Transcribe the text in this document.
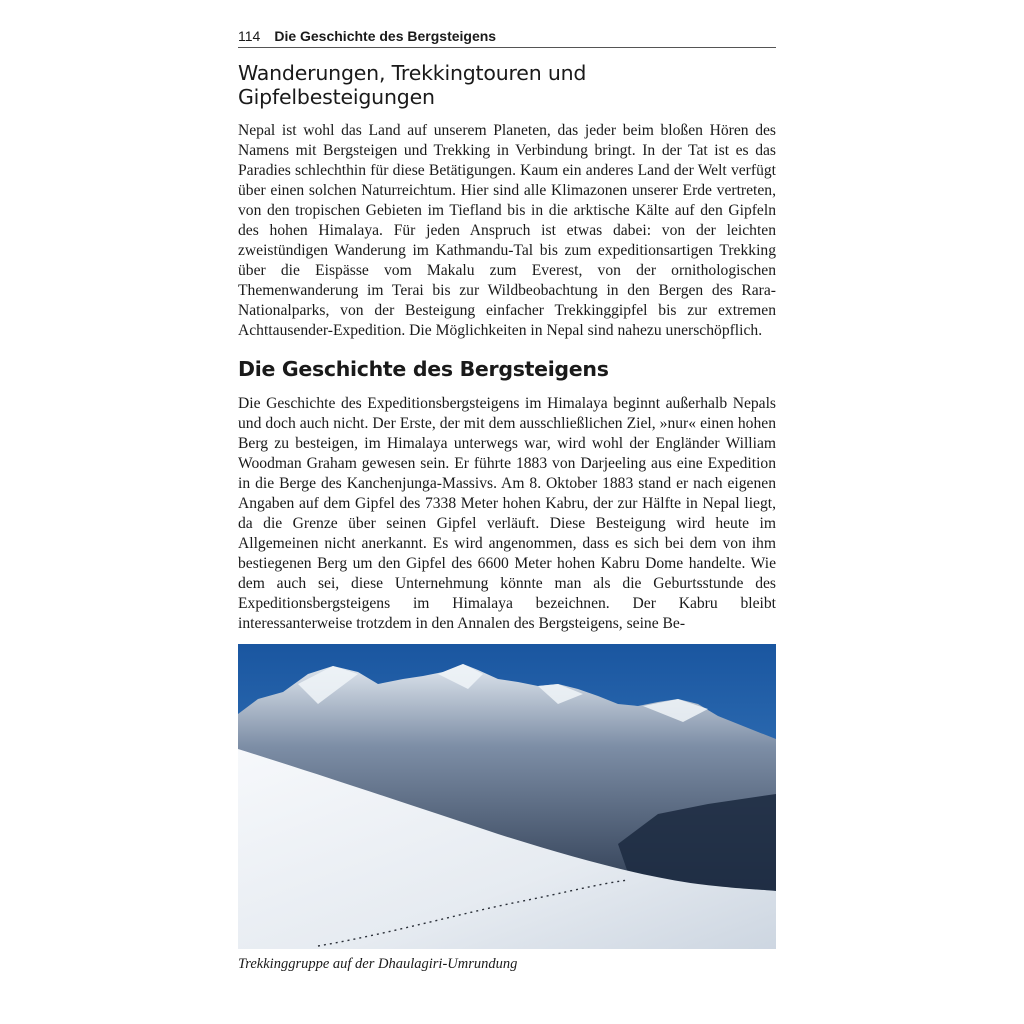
114 Die Geschichte des Bergsteigens
Wanderungen, Trekkingtouren und Gipfelbesteigungen

Nepal ist wohl das Land auf unserem Planeten, das jeder beim bloßen Hören des Namens mit Bergsteigen und Trekking in Verbindung bringt. In der Tat ist es das Paradies schlechthin für diese Betätigungen. Kaum ein anderes Land der Welt verfügt über einen solchen Naturreichtum. Hier sind alle Klimazonen unserer Erde vertreten, von den tropischen Gebieten im Tiefland bis in die arktische Kälte auf den Gipfeln des hohen Himalaya. Für jeden Anspruch ist etwas dabei: von der leichten zweistündigen Wanderung im Kathmandu-Tal bis zum expeditionsartigen Trekking über die Eispässe vom Makalu zum Everest, von der ornithologischen Themenwanderung im Terai bis zur Wildbeobachtung in den Bergen des Rara-Nationalparks, von der Besteigung einfacher Trekkinggipfel bis zur extremen Achttausender-Expedition. Die Möglichkeiten in Nepal sind nahezu unerschöpflich.

Die Geschichte des Bergsteigens

Die Geschichte des Expeditionsbergsteigens im Himalaya beginnt außerhalb Nepals und doch auch nicht. Der Erste, der mit dem ausschließlichen Ziel, »nur« einen hohen Berg zu besteigen, im Himalaya unterwegs war, wird wohl der Engländer William Woodman Graham gewesen sein. Er führte 1883 von Darjeeling aus eine Expedition in die Berge des Kanchenjunga-Massivs. Am 8. Oktober 1883 stand er nach eigenen Angaben auf dem Gipfel des 7338 Meter hohen Kabru, der zur Hälfte in Nepal liegt, da die Grenze über seinen Gipfel verläuft. Diese Besteigung wird heute im Allgemeinen nicht anerkannt. Es wird angenommen, dass es sich bei dem von ihm bestiegenen Berg um den Gipfel des 6600 Meter hohen Kabru Dome handelte. Wie dem auch sei, diese Unternehmung könnte man als die Geburtsstunde des Expeditionsbergsteigens im Himalaya bezeichnen. Der Kabru bleibt interessanterweise trotzdem in den Annalen des Bergsteigens, seine Be-

Trekkinggruppe auf der Dhaulagiri-Umrundung
